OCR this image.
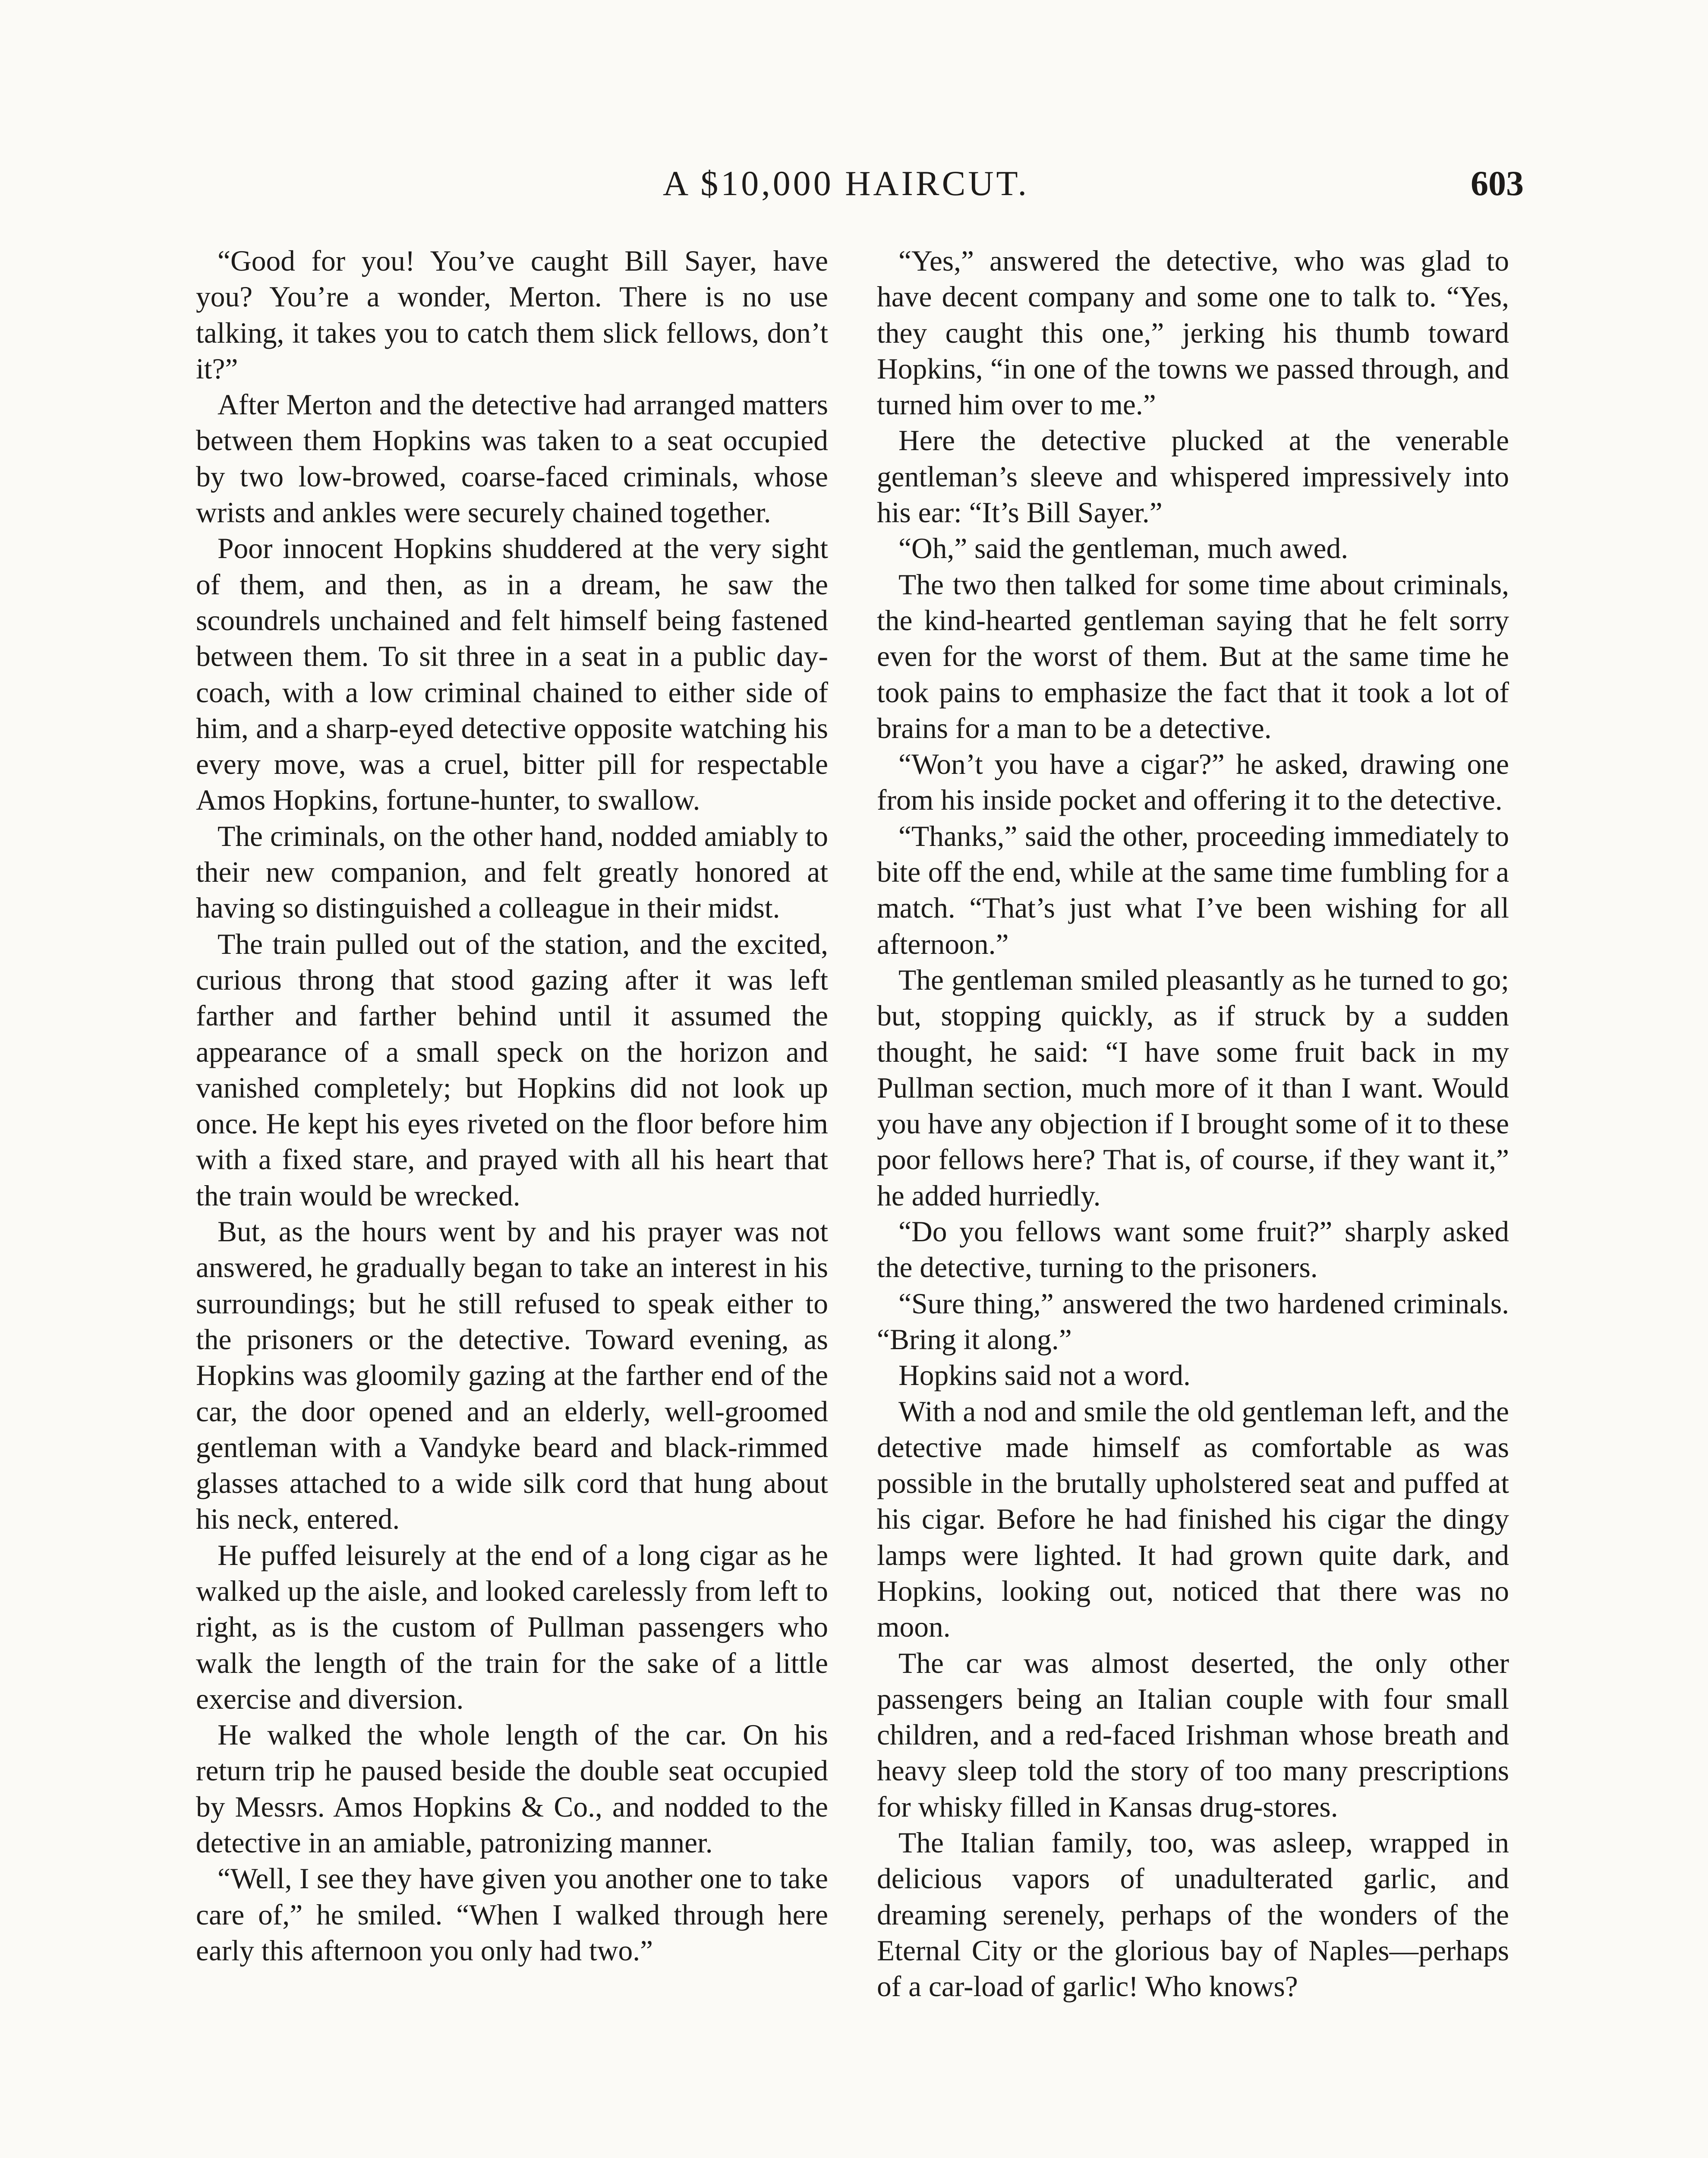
A $10,000 HAIRCUT.	603

“Good for you! You’ve caught Bill Sayer, have you? You’re a wonder, Merton. There is no use talking, it takes you to catch them slick fellows, don’t it?”

After Merton and the detective had arranged matters between them Hopkins was taken to a seat occupied by two low-browed, coarse-faced criminals, whose wrists and ankles were securely chained together.

Poor innocent Hopkins shuddered at the very sight of them, and then, as in a dream, he saw the scoundrels unchained and felt himself being fastened between them. To sit three in a seat in a public day-coach, with a low criminal chained to either side of him, and a sharp-eyed detective opposite watching his every move, was a cruel, bitter pill for respectable Amos Hopkins, fortune-hunter, to swallow.

The criminals, on the other hand, nodded amiably to their new companion, and felt greatly honored at having so distinguished a colleague in their midst.

The train pulled out of the station, and the excited, curious throng that stood gazing after it was left farther and farther behind until it assumed the appearance of a small speck on the horizon and vanished completely; but Hopkins did not look up once. He kept his eyes riveted on the floor before him with a fixed stare, and prayed with all his heart that the train would be wrecked.

But, as the hours went by and his prayer was not answered, he gradually began to take an interest in his surroundings; but he still refused to speak either to the prisoners or the detective. Toward evening, as Hopkins was gloomily gazing at the farther end of the car, the door opened and an elderly, well-groomed gentleman with a Vandyke beard and black-rimmed glasses attached to a wide silk cord that hung about his neck, entered.

He puffed leisurely at the end of a long cigar as he walked up the aisle, and looked carelessly from left to right, as is the custom of Pullman passengers who walk the length of the train for the sake of a little exercise and diversion.

He walked the whole length of the car. On his return trip he paused beside the double seat occupied by Messrs. Amos Hopkins & Co., and nodded to the detective in an amiable, patronizing manner.

“Well, I see they have given you another one to take care of,” he smiled. “When I walked through here early this afternoon you only had two.”

“Yes,” answered the detective, who was glad to have decent company and some one to talk to. “Yes, they caught this one,” jerking his thumb toward Hopkins, “in one of the towns we passed through, and turned him over to me.”

Here the detective plucked at the venerable gentleman’s sleeve and whispered impressively into his ear: “It’s Bill Sayer.”

“Oh,” said the gentleman, much awed.

The two then talked for some time about criminals, the kind-hearted gentleman saying that he felt sorry even for the worst of them. But at the same time he took pains to emphasize the fact that it took a lot of brains for a man to be a detective.

“Won’t you have a cigar?” he asked, drawing one from his inside pocket and offering it to the detective.

“Thanks,” said the other, proceeding immediately to bite off the end, while at the same time fumbling for a match. “That’s just what I’ve been wishing for all afternoon.”

The gentleman smiled pleasantly as he turned to go; but, stopping quickly, as if struck by a sudden thought, he said: “I have some fruit back in my Pullman section, much more of it than I want. Would you have any objection if I brought some of it to these poor fellows here? That is, of course, if they want it,” he added hurriedly.

“Do you fellows want some fruit?” sharply asked the detective, turning to the prisoners.

“Sure thing,” answered the two hardened criminals. “Bring it along.”

Hopkins said not a word.

With a nod and smile the old gentleman left, and the detective made himself as comfortable as was possible in the brutally upholstered seat and puffed at his cigar. Before he had finished his cigar the dingy lamps were lighted. It had grown quite dark, and Hopkins, looking out, noticed that there was no moon.

The car was almost deserted, the only other passengers being an Italian couple with four small children, and a red-faced Irishman whose breath and heavy sleep told the story of too many prescriptions for whisky filled in Kansas drug-stores.

The Italian family, too, was asleep, wrapped in delicious vapors of unadulterated garlic, and dreaming serenely, perhaps of the wonders of the Eternal City or the glorious bay of Naples—perhaps of a car-load of garlic! Who knows?
